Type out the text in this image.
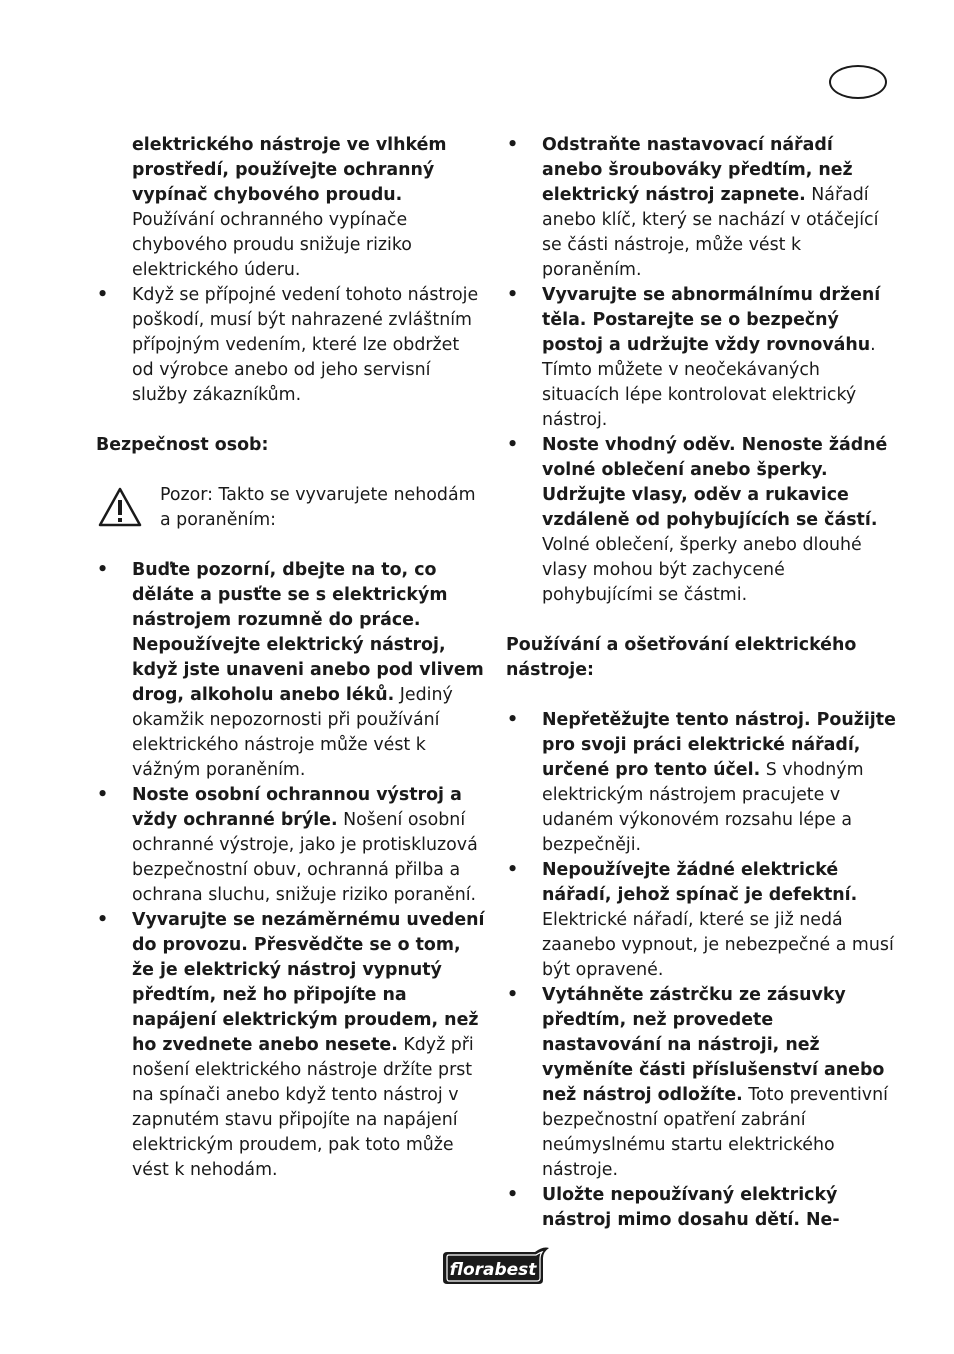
elektrického nástroje ve vlhkém prostředí, používejte ochranný vypínač chybového proudu.
Používání ochranného vypínače chybového proudu snižuje riziko elektrického úderu.

• Když se přípojné vedení tohoto nástroje poškodí, musí být nahrazené zvláštním přípojným vedením, které lze obdržet od výrobce anebo od jeho servisní služby zákazníkům.

Bezpečnost osob:

Pozor: Takto se vyvarujete nehodám a poraněním:

• Buďte pozorní, dbejte na to, co děláte a pusťte se s elektrickým nástrojem rozumně do práce. Nepoužívejte elektrický nástroj, když jste unaveni anebo pod vlivem drog, alkoholu anebo léků. Jediný okamžik nepozornosti při používání elektrického nástroje může vést k vážným poraněním.

• Noste osobní ochrannou výstroj a vždy ochranné brýle. Nošení osobní ochranné výstroje, jako je protiskluzová bezpečnostní obuv, ochranná přilba a ochrana sluchu, snižuje riziko poranění.

• Vyvarujte se nezáměrnému uvedení do provozu. Přesvědčte se o tom, že je elektrický nástroj vypnutý předtím, než ho připojíte na napájení elektrickým proudem, než ho zvednete anebo nesete. Když při nošení elektrického nástroje držíte prst na spínači anebo když tento nástroj v zapnutém stavu připojíte na napájení elektrickým proudem, pak toto může vést k nehodám.

• Odstraňte nastavovací nářadí anebo šroubováky předtím, než elektrický nástroj zapnete. Nářadí anebo klíč, který se nachází v otáčející se části nástroje, může vést k poraněním.

• Vyvarujte se abnormálnímu držení těla. Postarejte se o bezpečný postoj a udržujte vždy rovnováhu. Tímto můžete v neočekávaných situacích lépe kontrolovat elektrický nástroj.

• Noste vhodný oděv. Nenoste žádné volné oblečení anebo šperky. Udržujte vlasy, oděv a rukavice vzdáleně od pohybujících se částí. Volné oblečení, šperky anebo dlouhé vlasy mohou být zachycené pohybujícími se částmi.

Používání a ošetřování elektrického nástroje:

• Nepřetěžujte tento nástroj. Použijte pro svoji práci elektrické nářadí, určené pro tento účel. S vhodným elektrickým nástrojem pracujete v udaném výkonovém rozsahu lépe a bezpečněji.

• Nepoužívejte žádné elektrické nářadí, jehož spínač je defektní. Elektrické nářadí, které se již nedá zaanebo vypnout, je nebezpečné a musí být opravené.

• Vytáhněte zástrčku ze zásuvky předtím, než provedete nastavování na nástroji, než vyměníte části příslušenství anebo než nástroj odložíte. Toto preventivní bezpečnostní opatření zabrání neúmyslnému startu elektrického nástroje.

• Uložte nepoužívaný elektrický nástroj mimo dosahu dětí. Ne-

florabest
